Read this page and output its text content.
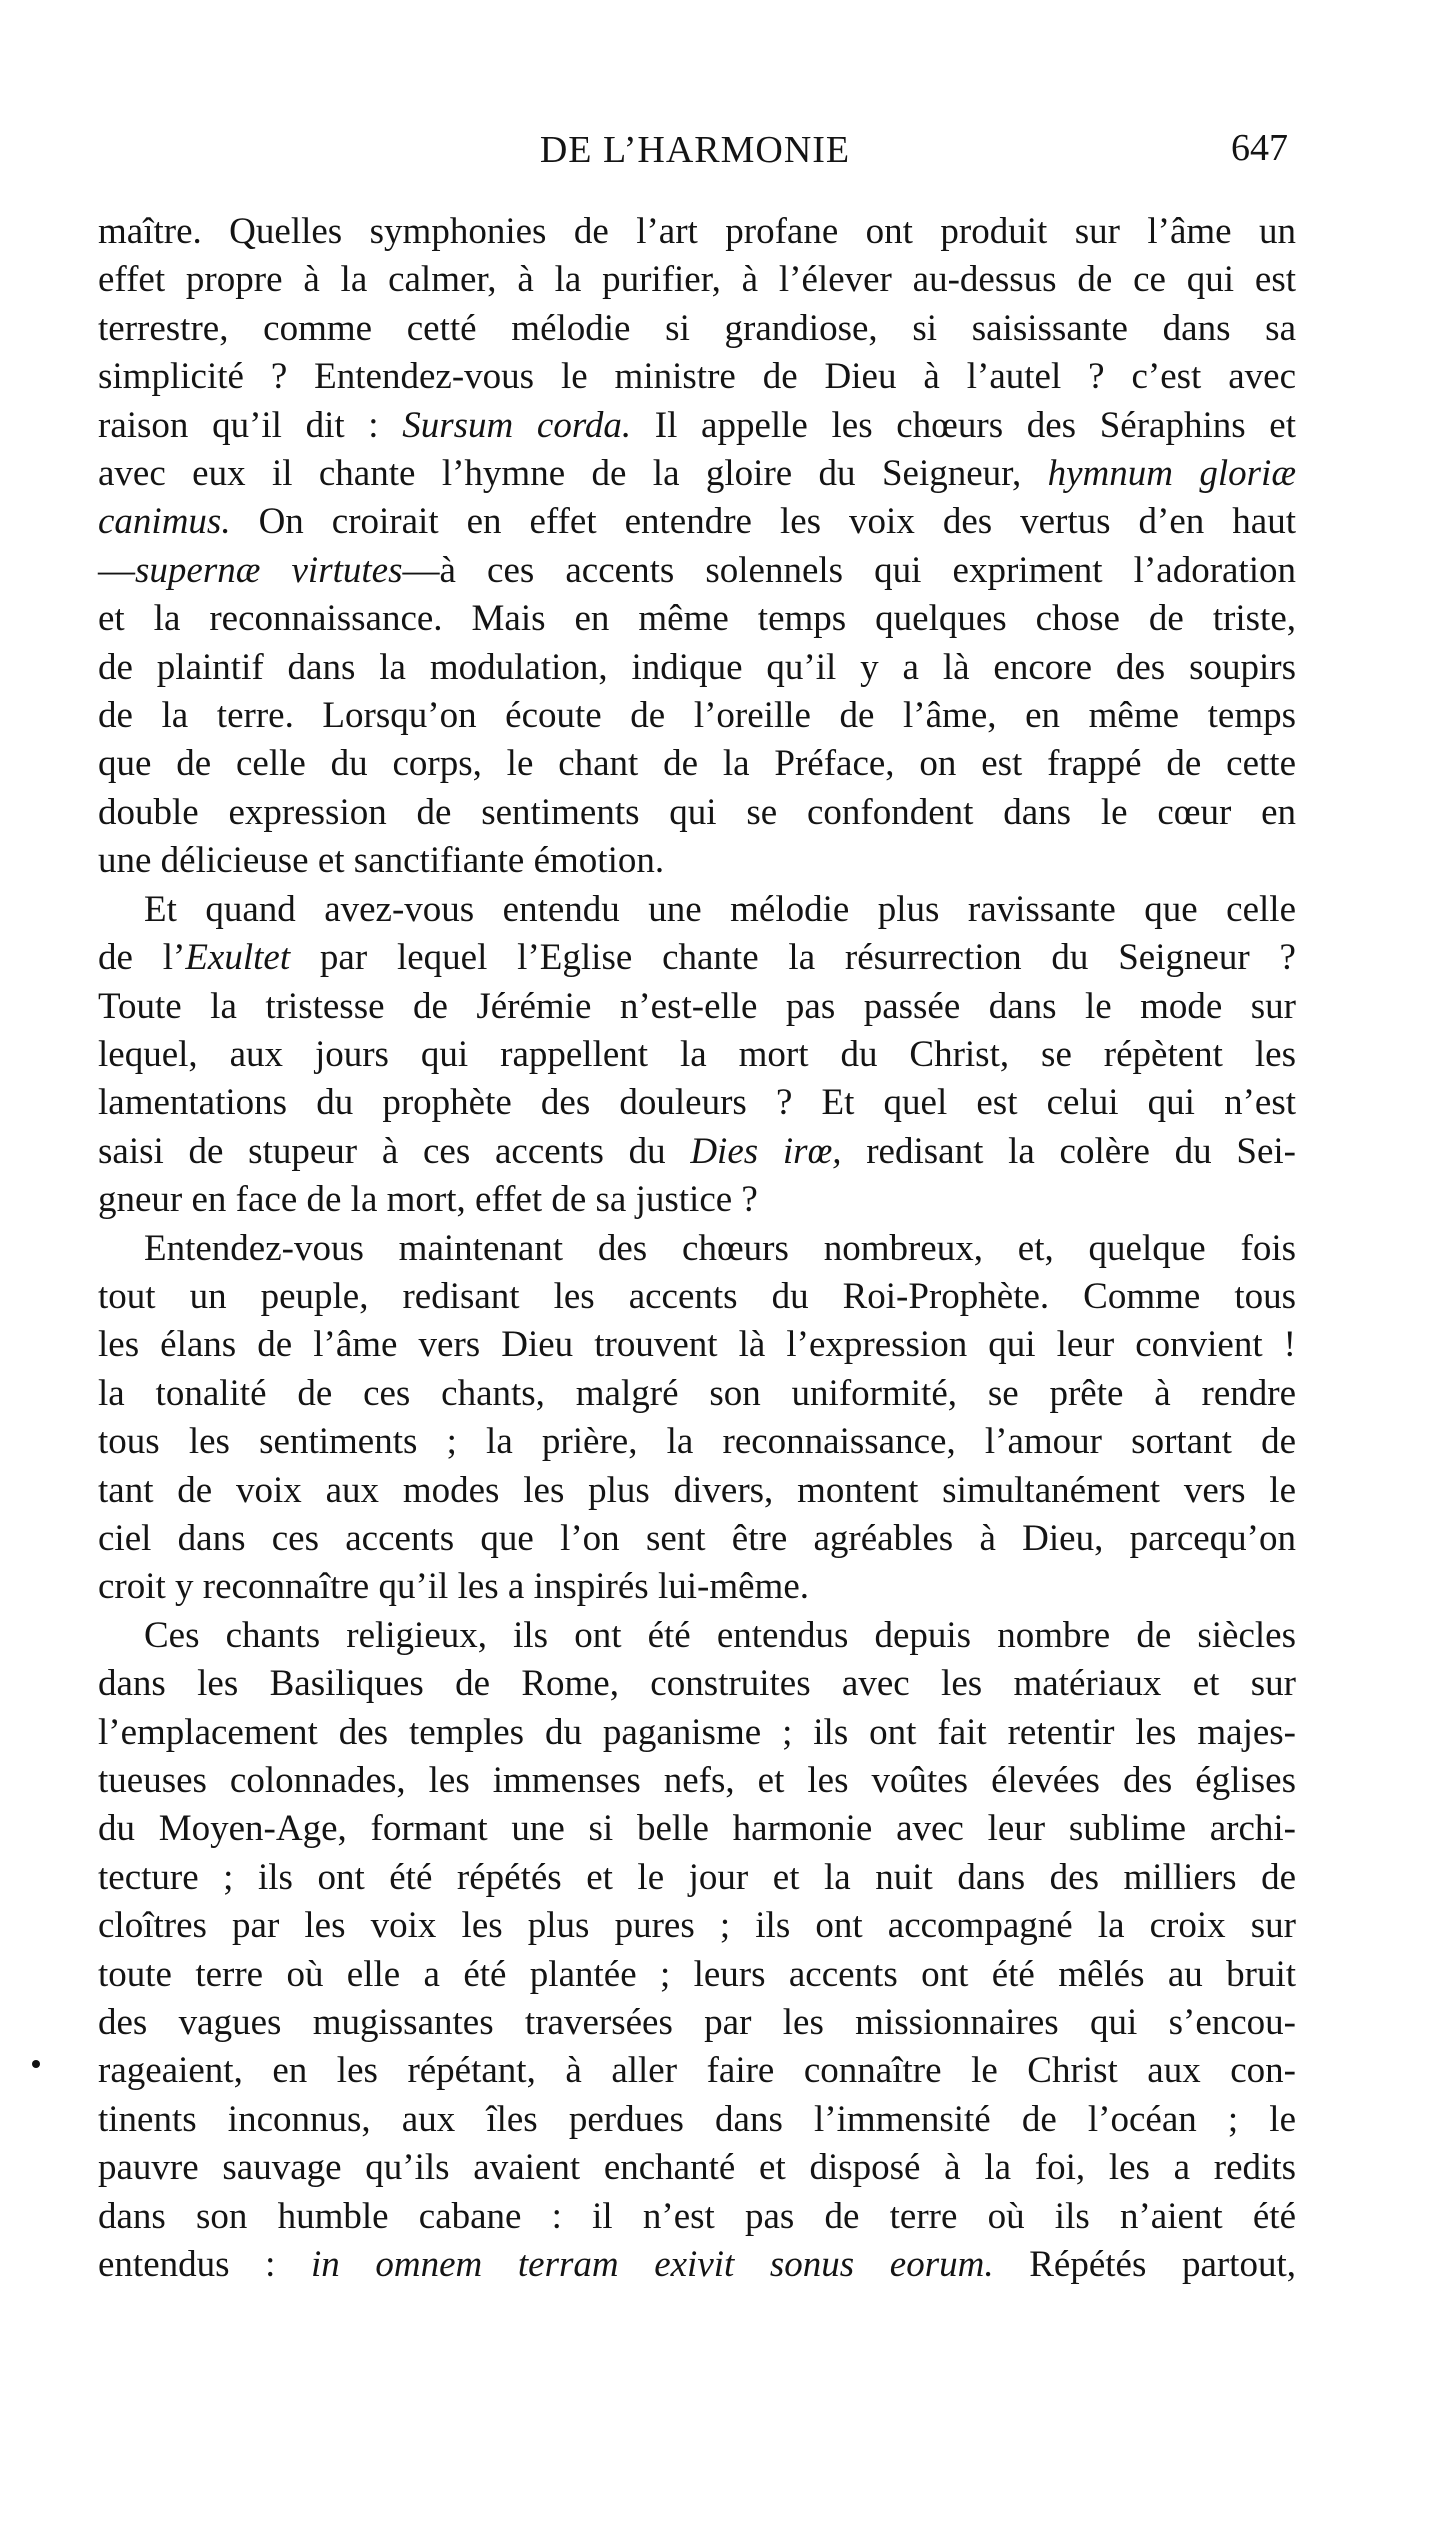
DE L’HARMONIE	647
maître. Quelles symphonies de l’art profane ont produit sur l’âme un
effet propre à la calmer, à la purifier, à l’élever au-dessus de ce qui est
terrestre, comme cetté mélodie si grandiose, si saisissante dans sa
simplicité ? Entendez-vous le ministre de Dieu à l’autel ? c’est avec
raison qu’il dit : Sursum corda. Il appelle les chœurs des Séraphins et
avec eux il chante l’hymne de la gloire du Seigneur, hymnum gloriæ
canimus. On croirait en effet entendre les voix des vertus d’en haut
—supernæ virtutes—à ces accents solennels qui expriment l’adoration
et la reconnaissance. Mais en même temps quelques chose de triste,
de plaintif dans la modulation, indique qu’il y a là encore des soupirs
de la terre. Lorsqu’on écoute de l’oreille de l’âme, en même temps
que de celle du corps, le chant de la Préface, on est frappé de cette
double expression de sentiments qui se confondent dans le cœur en
une délicieuse et sanctifiante émotion.
Et quand avez-vous entendu une mélodie plus ravissante que celle
de l’Exultet par lequel l’Eglise chante la résurrection du Seigneur ?
Toute la tristesse de Jérémie n’est-elle pas passée dans le mode sur
lequel, aux jours qui rappellent la mort du Christ, se répètent les
lamentations du prophète des douleurs ? Et quel est celui qui n’est
saisi de stupeur à ces accents du Dies irœ, redisant la colère du Sei-
gneur en face de la mort, effet de sa justice ?
Entendez-vous maintenant des chœurs nombreux, et, quelque fois
tout un peuple, redisant les accents du Roi-Prophète. Comme tous
les élans de l’âme vers Dieu trouvent là l’expression qui leur convient !
la tonalité de ces chants, malgré son uniformité, se prête à rendre
tous les sentiments ; la prière, la reconnaissance, l’amour sortant de
tant de voix aux modes les plus divers, montent simultanément vers le
ciel dans ces accents que l’on sent être agréables à Dieu, parcequ’on
croit y reconnaître qu’il les a inspirés lui-même.
Ces chants religieux, ils ont été entendus depuis nombre de siècles
dans les Basiliques de Rome, construites avec les matériaux et sur
l’emplacement des temples du paganisme ; ils ont fait retentir les majes-
tueuses colonnades, les immenses nefs, et les voûtes élevées des églises
du Moyen-Age, formant une si belle harmonie avec leur sublime archi-
tecture ; ils ont été répétés et le jour et la nuit dans des milliers de
cloîtres par les voix les plus pures ; ils ont accompagné la croix sur
toute terre où elle a été plantée ; leurs accents ont été mêlés au bruit
des vagues mugissantes traversées par les missionnaires qui s’encou-
rageaient, en les répétant, à aller faire connaître le Christ aux con-
tinents inconnus, aux îles perdues dans l’immensité de l’océan ; le
pauvre sauvage qu’ils avaient enchanté et disposé à la foi, les a redits
dans son humble cabane : il n’est pas de terre où ils n’aient été
entendus : in omnem terram exivit sonus eorum. Répétés partout,
